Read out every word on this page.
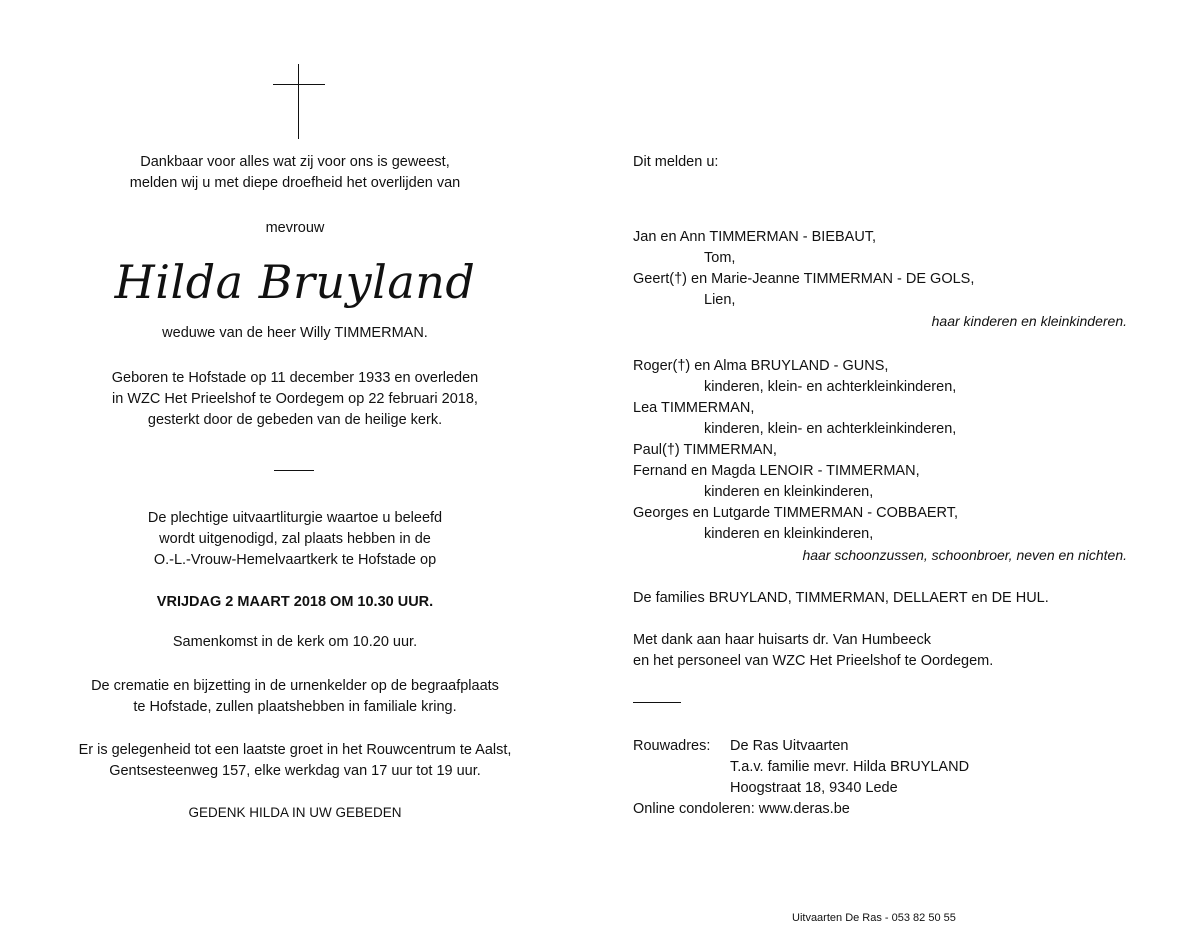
Dankbaar voor alles wat zij voor ons is geweest,
melden wij u met diepe droefheid het overlijden van
mevrouw
Hilda Bruyland
weduwe van de heer Willy TIMMERMAN.
Geboren te Hofstade op 11 december 1933 en overleden
in WZC Het Prieelshof te Oordegem op 22 februari 2018,
gesterkt door de gebeden van de heilige kerk.
De plechtige uitvaartliturgie waartoe u beleefd
wordt uitgenodigd, zal plaats hebben in de
O.-L.-Vrouw-Hemelvaartkerk te Hofstade op
VRIJDAG 2 MAART 2018 OM 10.30 UUR.
Samenkomst in de kerk om 10.20 uur.
De crematie en bijzetting in de urnenkelder op de begraafplaats
te Hofstade, zullen plaatshebben in familiale kring.
Er is gelegenheid tot een laatste groet in het Rouwcentrum te Aalst,
Gentsesteenweg 157, elke werkdag van 17 uur tot 19 uur.
GEDENK HILDA IN UW GEBEDEN
Dit melden u:
Jan en Ann TIMMERMAN - BIEBAUT,
Tom,
Geert(†) en Marie-Jeanne TIMMERMAN - DE GOLS,
Lien,
haar kinderen en kleinkinderen.
Roger(†) en Alma BRUYLAND - GUNS,
kinderen, klein- en achterkleinkinderen,
Lea TIMMERMAN,
kinderen, klein- en achterkleinkinderen,
Paul(†) TIMMERMAN,
Fernand en Magda LENOIR - TIMMERMAN,
kinderen en kleinkinderen,
Georges en Lutgarde TIMMERMAN - COBBAERT,
kinderen en kleinkinderen,
haar schoonzussen, schoonbroer, neven en nichten.
De families BRUYLAND, TIMMERMAN, DELLAERT en DE HUL.
Met dank aan haar huisarts dr. Van Humbeeck
en het personeel van WZC Het Prieelshof te Oordegem.
Rouwadres: De Ras Uitvaarten
T.a.v. familie mevr. Hilda BRUYLAND
Hoogstraat 18, 9340 Lede
Online condoleren: www.deras.be
Uitvaarten De Ras - 053 82 50 55
